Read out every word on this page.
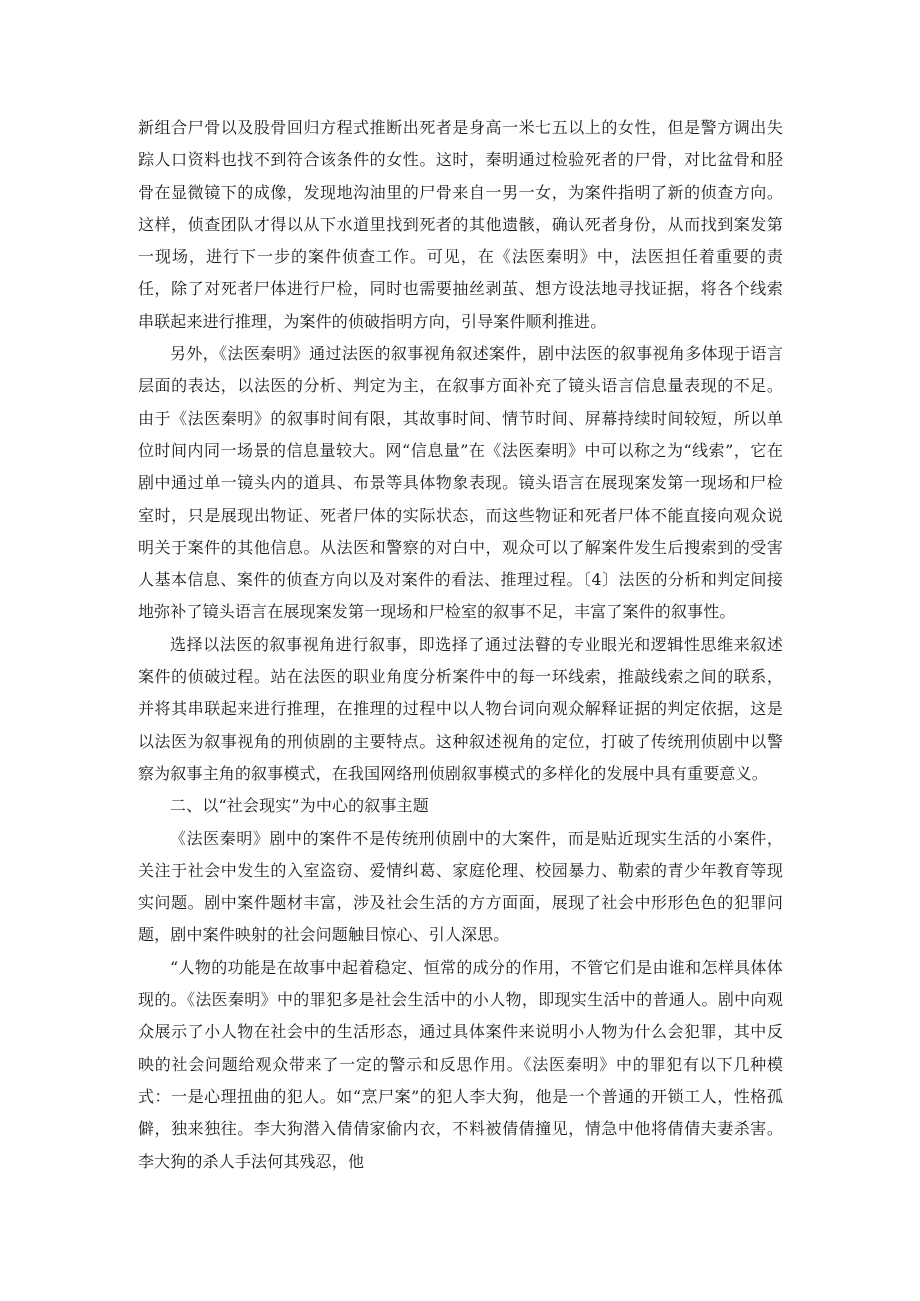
新组合尸骨以及股骨回归方程式推断出死者是身高一米七五以上的女性，但是警方调出失踪人口资料也找不到符合该条件的女性。这时，秦明通过检验死者的尸骨，对比盆骨和胫骨在显微镜下的成像，发现地沟油里的尸骨来自一男一女，为案件指明了新的侦查方向。这样，侦查团队才得以从下水道里找到死者的其他遗骸，确认死者身份，从而找到案发第一现场，进行下一步的案件侦查工作。可见，在《法医秦明》中，法医担任着重要的责任，除了对死者尸体进行尸检，同时也需要抽丝剥茧、想方设法地寻找证据，将各个线索串联起来进行推理，为案件的侦破指明方向，引导案件顺利推进。

另外，《法医秦明》通过法医的叙事视角叙述案件，剧中法医的叙事视角多体现于语言层面的表达，以法医的分析、判定为主，在叙事方面补充了镜头语言信息量表现的不足。由于《法医秦明》的叙事时间有限，其故事时间、情节时间、屏幕持续时间较短，所以单位时间内同一场景的信息量较大。网“信息量”在《法医秦明》中可以称之为“线索”，它在剧中通过单一镜头内的道具、布景等具体物象表现。镜头语言在展现案发第一现场和尸检室时，只是展现出物证、死者尸体的实际状态，而这些物证和死者尸体不能直接向观众说明关于案件的其他信息。从法医和警察的对白中，观众可以了解案件发生后搜索到的受害人基本信息、案件的侦查方向以及对案件的看法、推理过程。〔4〕法医的分析和判定间接地弥补了镜头语言在展现案发第一现场和尸检室的叙事不足，丰富了案件的叙事性。

选择以法医的叙事视角进行叙事，即选择了通过法瞽的专业眼光和逻辑性思维来叙述案件的侦破过程。站在法医的职业角度分析案件中的每一环线索，推敲线索之间的联系，并将其串联起来进行推理，在推理的过程中以人物台词向观众解释证据的判定依据，这是以法医为叙事视角的刑侦剧的主要特点。这种叙述视角的定位，打破了传统刑侦剧中以警察为叙事主角的叙事模式，在我国网络刑侦剧叙事模式的多样化的发展中具有重要意义。

二、以“社会现实”为中心的叙事主题

《法医秦明》剧中的案件不是传统刑侦剧中的大案件，而是贴近现实生活的小案件，关注于社会中发生的入室盗窃、爱情纠葛、家庭伦理、校园暴力、勒索的青少年教育等现实问题。剧中案件题材丰富，涉及社会生活的方方面面，展现了社会中形形色色的犯罪问题，剧中案件映射的社会问题触目惊心、引人深思。

“人物的功能是在故事中起着稳定、恒常的成分的作用，不管它们是由谁和怎样具体体现的。《法医秦明》中的罪犯多是社会生活中的小人物，即现实生活中的普通人。剧中向观众展示了小人物在社会中的生活形态，通过具体案件来说明小人物为什么会犯罪，其中反映的社会问题给观众带来了一定的警示和反思作用。《法医秦明》中的罪犯有以下几种模式：一是心理扭曲的犯人。如“烹尸案”的犯人李大狗，他是一个普通的开锁工人，性格孤僻，独来独往。李大狗潜入倩倩家偷内衣，不料被倩倩撞见，情急中他将倩倩夫妻杀害。李大狗的杀人手法何其残忍，他
